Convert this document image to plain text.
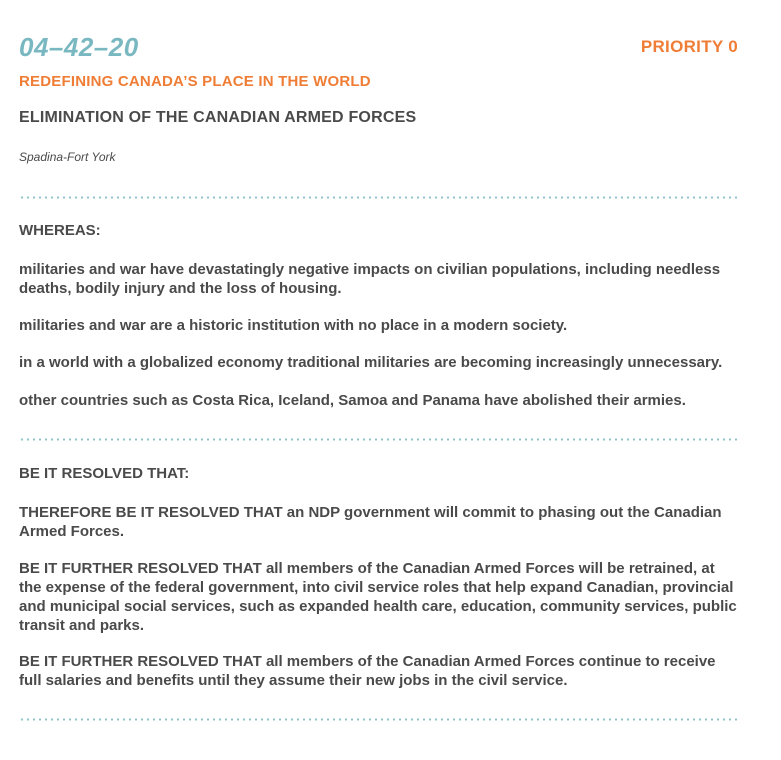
04–42–20	PRIORITY 0
REDEFINING CANADA’S PLACE IN THE WORLD
ELIMINATION OF THE CANADIAN ARMED FORCES
Spadina-Fort York
WHEREAS:
militaries and war have devastatingly negative impacts on civilian populations, including needless deaths, bodily injury and the loss of housing.
militaries and war are a historic institution with no place in a modern society.
in a world with a globalized economy traditional militaries are becoming increasingly unnecessary.
other countries such as Costa Rica, Iceland, Samoa and Panama have abolished their armies.
BE IT RESOLVED THAT:
THEREFORE BE IT RESOLVED THAT an NDP government will commit to phasing out the Canadian Armed Forces.
BE IT FURTHER RESOLVED THAT all members of the Canadian Armed Forces will be retrained, at the expense of the federal government, into civil service roles that help expand Canadian, provincial and municipal social services, such as expanded health care, education, community services, public transit and parks.
BE IT FURTHER RESOLVED THAT all members of the Canadian Armed Forces continue to receive full salaries and benefits until they assume their new jobs in the civil service.
